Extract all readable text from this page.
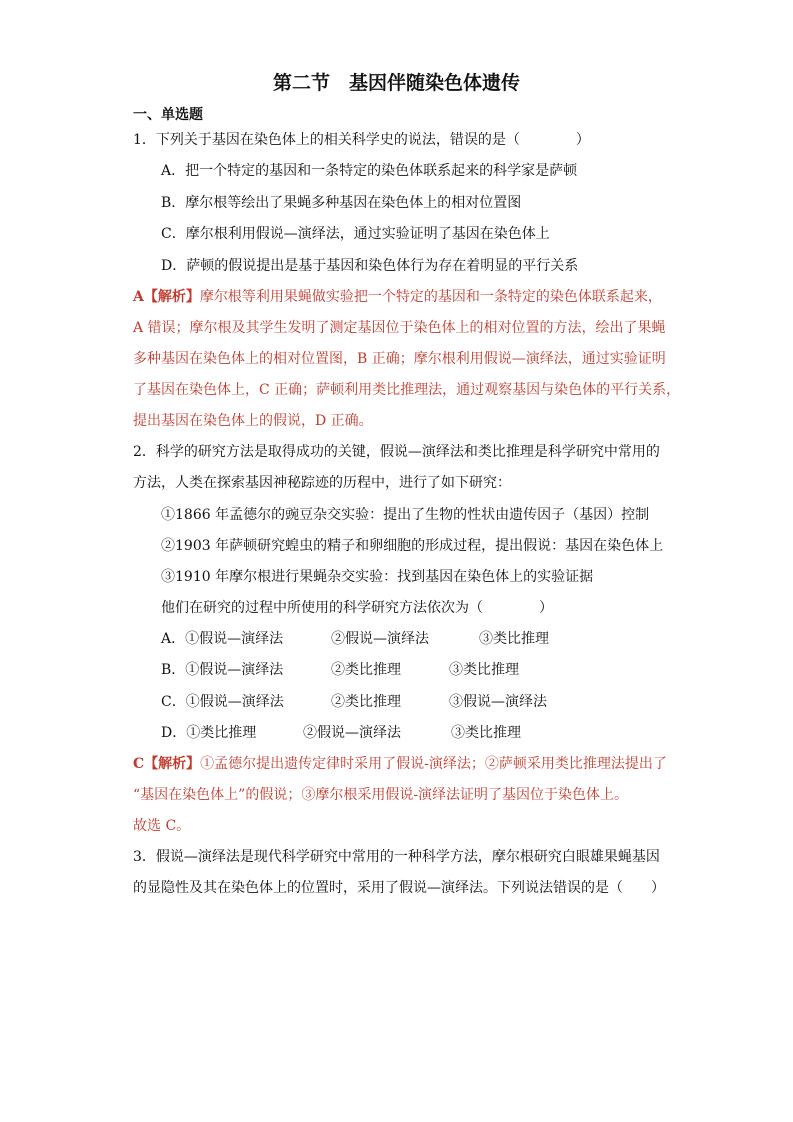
第二节　基因伴随染色体遗传
一、单选题
1．下列关于基因在染色体上的相关科学史的说法，错误的是（　　　　）
A．把一个特定的基因和一条特定的染色体联系起来的科学家是萨顿
B．摩尔根等绘出了果蝇多种基因在染色体上的相对位置图
C．摩尔根利用假说—演绎法，通过实验证明了基因在染色体上
D．萨顿的假说提出是基于基因和染色体行为存在着明显的平行关系
A【解析】摩尔根等利用果蝇做实验把一个特定的基因和一条特定的染色体联系起来，
A 错误；摩尔根及其学生发明了测定基因位于染色体上的相对位置的方法，绘出了果蝇
多种基因在染色体上的相对位置图，B 正确；摩尔根利用假说—演绎法，通过实验证明
了基因在染色体上，C 正确；萨顿利用类比推理法，通过观察基因与染色体的平行关系，
提出基因在染色体上的假说，D 正确。
2．科学的研究方法是取得成功的关键，假说—演绎法和类比推理是科学研究中常用的
方法，人类在探索基因神秘踪迹的历程中，进行了如下研究：
①1866 年孟德尔的豌豆杂交实验：提出了生物的性状由遗传因子（基因）控制
②1903 年萨顿研究蝗虫的精子和卵细胞的形成过程，提出假说：基因在染色体上
③1910 年摩尔根进行果蝇杂交实验：找到基因在染色体上的实验证据
他们在研究的过程中所使用的科学研究方法依次为（　　　　）
A．①假说—演绎法	②假说—演绎法	③类比推理
B．①假说—演绎法	②类比推理	③类比推理
C．①假说—演绎法	②类比推理	③假说—演绎法
D．①类比推理	②假说—演绎法	③类比推理
C【解析】①孟德尔提出遗传定律时采用了假说-演绎法；②萨顿采用类比推理法提出了
“基因在染色体上”的假说；③摩尔根采用假说-演绎法证明了基因位于染色体上。
故选 C。
3．假说—演绎法是现代科学研究中常用的一种科学方法，摩尔根研究白眼雄果蝇基因
的显隐性及其在染色体上的位置时，采用了假说—演绎法。下列说法错误的是（　　）
